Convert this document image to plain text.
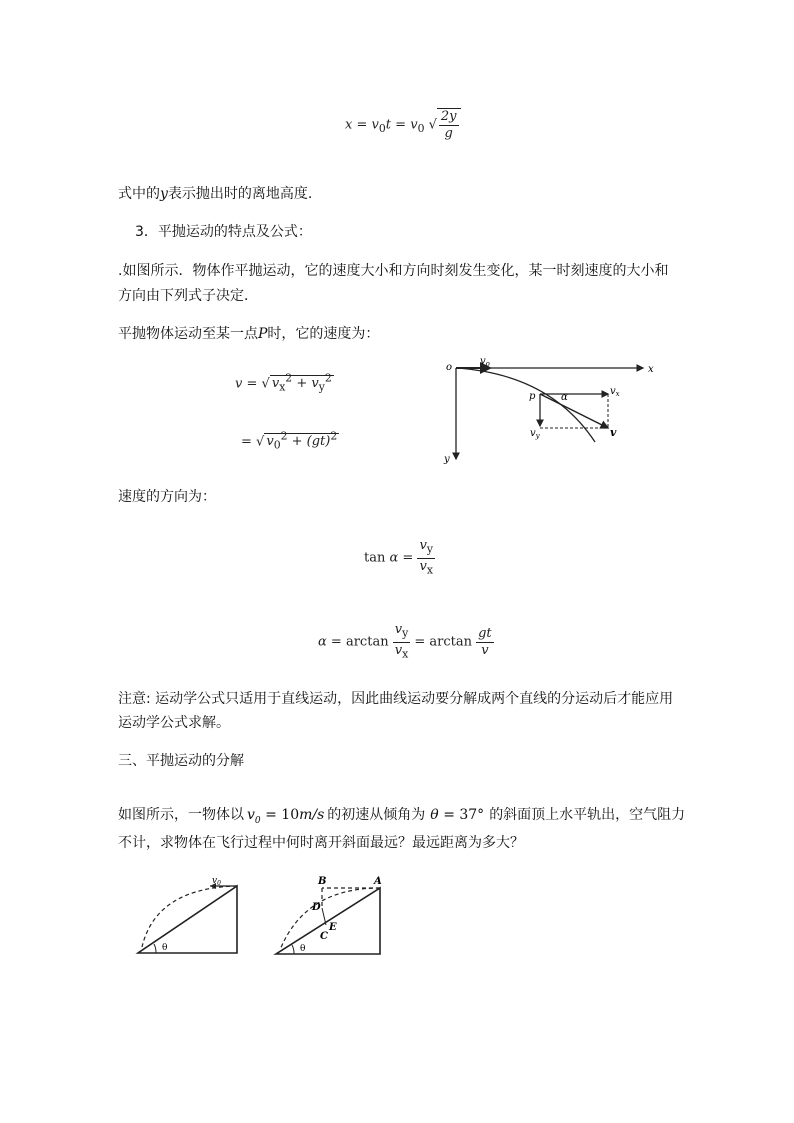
$x = v_0t = v_0$ √ $\frac{2y}{g}$
式中的y表示抛出时的离地高度.
3．平抛运动的特点及公式：
.如图所示．物体作平抛运动，它的速度大小和方向时刻发生变化，某一时刻速度的大小和
方向由下列式子决定．
平抛物体运动至某一点P时，它的速度为：
v = √ $v_x^2 + v_y^2$
= √ $v_0^2 + (gt)^2$
o
$v_o$	x
y
p	α
$v_x$
$v_y$	v
速度的方向为：
$\tan \alpha = \frac{v_y}{v_x}$
$\alpha = \arctan \frac{v_y}{v_x} = \arctan \frac{gt}{v}$
注意: 运动学公式只适用于直线运动，因此曲线运动要分解成两个直线的分运动后才能应用
运动学公式求解。
三、平抛运动的分解
如图所示，一物体以 $v_0 = 10m/s$ 的初速从倾角为 θ = 37° 的斜面顶上水平轨出，空气阻力
不计，求物体在飞行过程中何时离开斜面最远？最远距离为多大？
$v_0$
θ
A
B
D
E
C
θ
